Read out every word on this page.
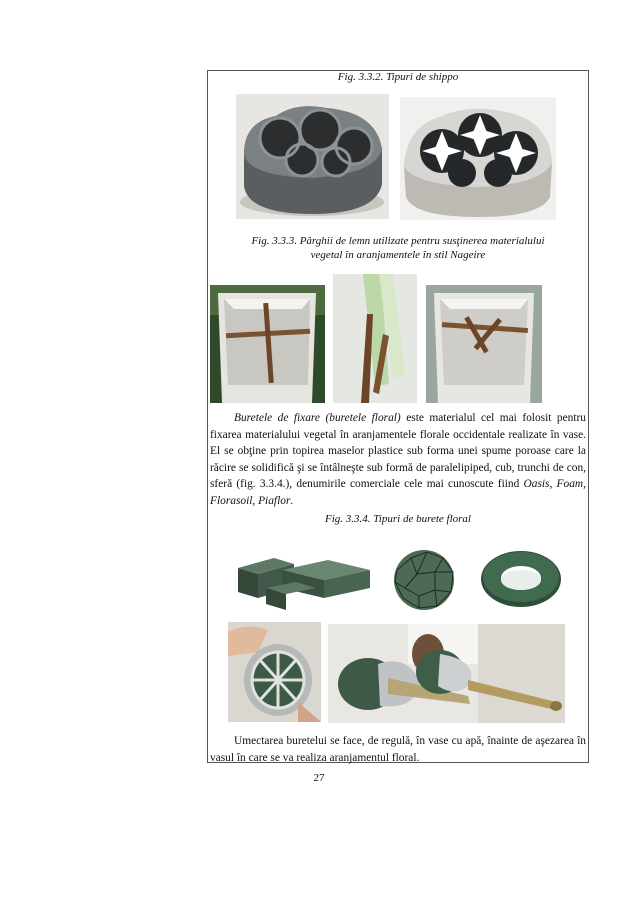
Fig. 3.3.2. Tipuri de shippo
Fig. 3.3.3. Pârghii de lemn utilizate pentru susţinerea materialului
vegetal în aranjamentele în stil Nageire
Buretele de fixare (buretele floral) este materialul cel mai folosit pentru fixarea materialului vegetal în aranjamentele florale occidentale realizate în vase. El se obţine prin topirea maselor plastice sub forma unei spume poroase care la răcire se solidifică şi se întâlneşte sub formă de paralelipiped, cub, trunchi de con, sferă (fig. 3.3.4.), denumirile comerciale cele mai cunoscute fiind Oasis, Foam, Florasoil, Piaflor.
Fig. 3.3.4. Tipuri de burete floral
Umectarea buretelui se face, de regulă, în vase cu apă, înainte de aşezarea în vasul în care se va realiza aranjamentul floral.
27
